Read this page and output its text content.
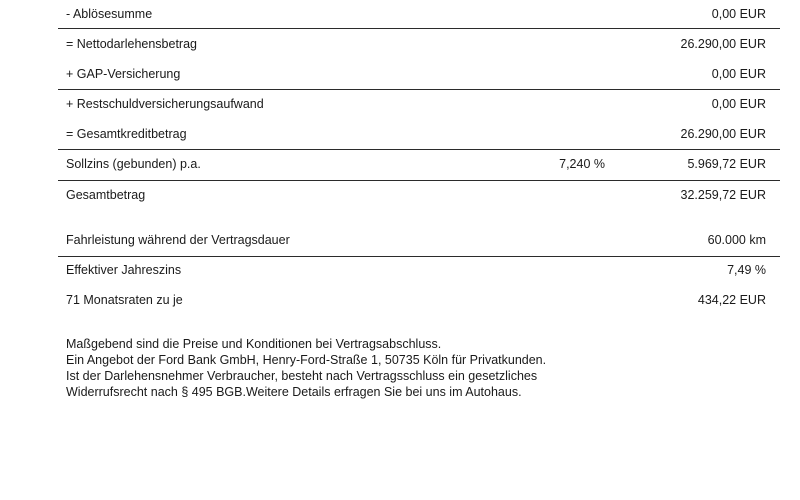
- Ablösesumme	0,00 EUR
= Nettodarlehensbetrag	26.290,00 EUR
+ GAP-Versicherung	0,00 EUR
+ Restschuldversicherungsaufwand	0,00 EUR
= Gesamtkreditbetrag	26.290,00 EUR
Sollzins (gebunden) p.a.	7,240 %	5.969,72 EUR
Gesamtbetrag	32.259,72 EUR
Fahrleistung während der Vertragsdauer	60.000 km
Effektiver Jahreszins	7,49 %
71 Monatsraten zu je	434,22 EUR
Maßgebend sind die Preise und Konditionen bei Vertragsabschluss.
Ein Angebot der Ford Bank GmbH, Henry-Ford-Straße 1, 50735 Köln für Privatkunden.
Ist der Darlehensnehmer Verbraucher, besteht nach Vertragsschluss ein gesetzliches
Widerrufsrecht nach § 495 BGB.Weitere Details erfragen Sie bei uns im Autohaus.
